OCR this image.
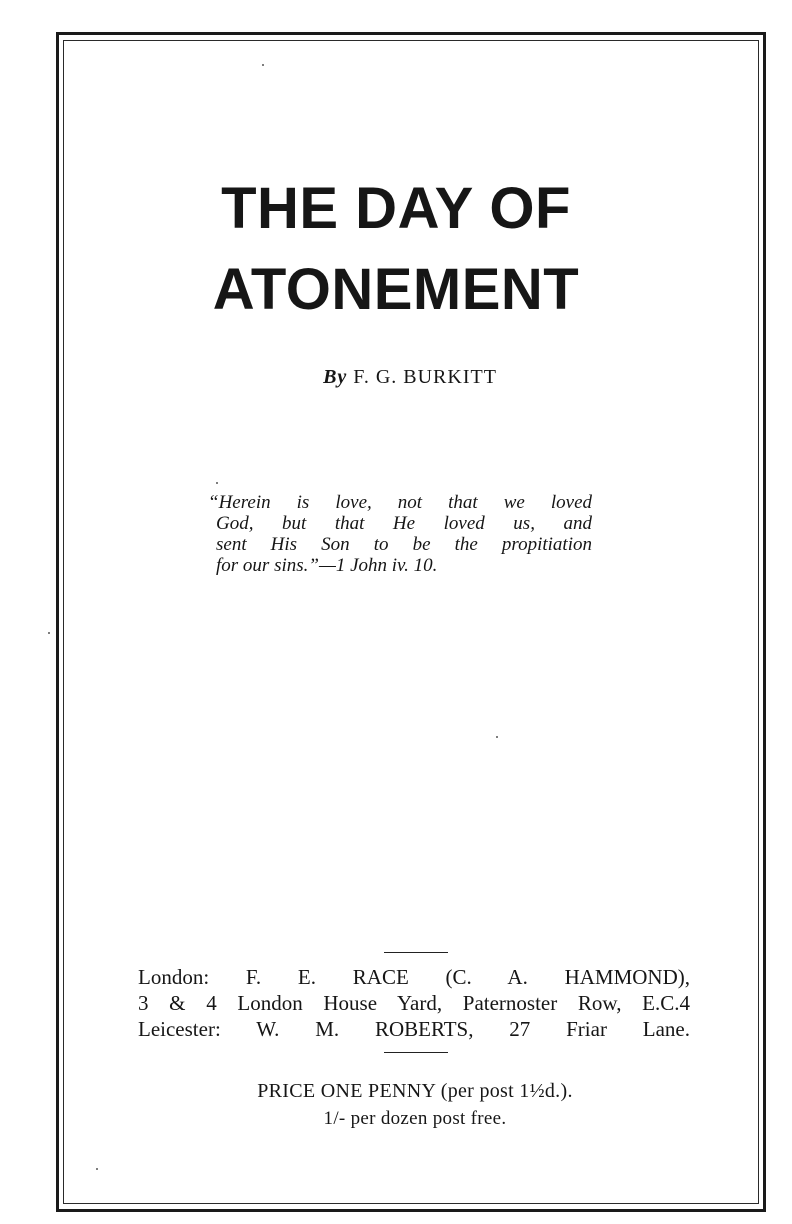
THE DAY OF
ATONEMENT
By F. G. BURKITT
“Herein is love, not that we loved
God, but that He loved us, and
sent His Son to be the propitiation
for our sins.”—1 John iv. 10.
London: F. E. RACE (C. A. HAMMOND),
3 & 4 London House Yard, Paternoster Row, E.C.4
Leicester: W. M. ROBERTS, 27 Friar Lane.
PRICE ONE PENNY (per post 1½d.).
1/- per dozen post free.
